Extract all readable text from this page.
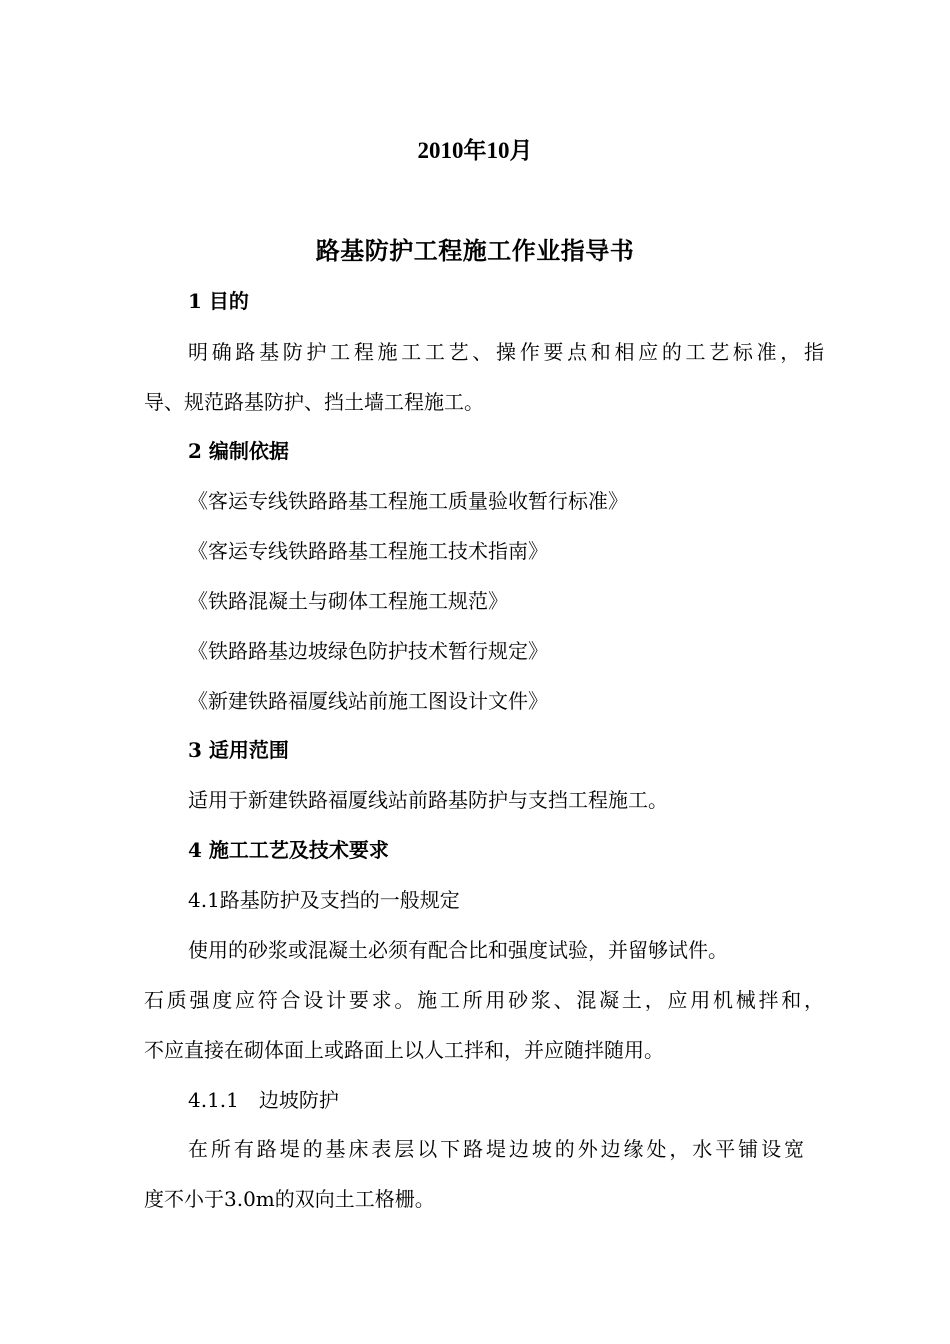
2010年10月
路基防护工程施工作业指导书
1 目的
明确路基防护工程施工工艺、操作要点和相应的工艺标准，指
导、规范路基防护、挡土墙工程施工。
2 编制依据
《客运专线铁路路基工程施工质量验收暂行标准》
《客运专线铁路路基工程施工技术指南》
《铁路混凝土与砌体工程施工规范》
《铁路路基边坡绿色防护技术暂行规定》
《新建铁路福厦线站前施工图设计文件》
3 适用范围
适用于新建铁路福厦线站前路基防护与支挡工程施工。
4 施工工艺及技术要求
4.1路基防护及支挡的一般规定
使用的砂浆或混凝土必须有配合比和强度试验，并留够试件。
石质强度应符合设计要求。施工所用砂浆、混凝土，应用机械拌和，
不应直接在砌体面上或路面上以人工拌和，并应随拌随用。
4.1.1　边坡防护
在所有路堤的基床表层以下路堤边坡的外边缘处，水平铺设宽
度不小于3.0m的双向土工格栅。
